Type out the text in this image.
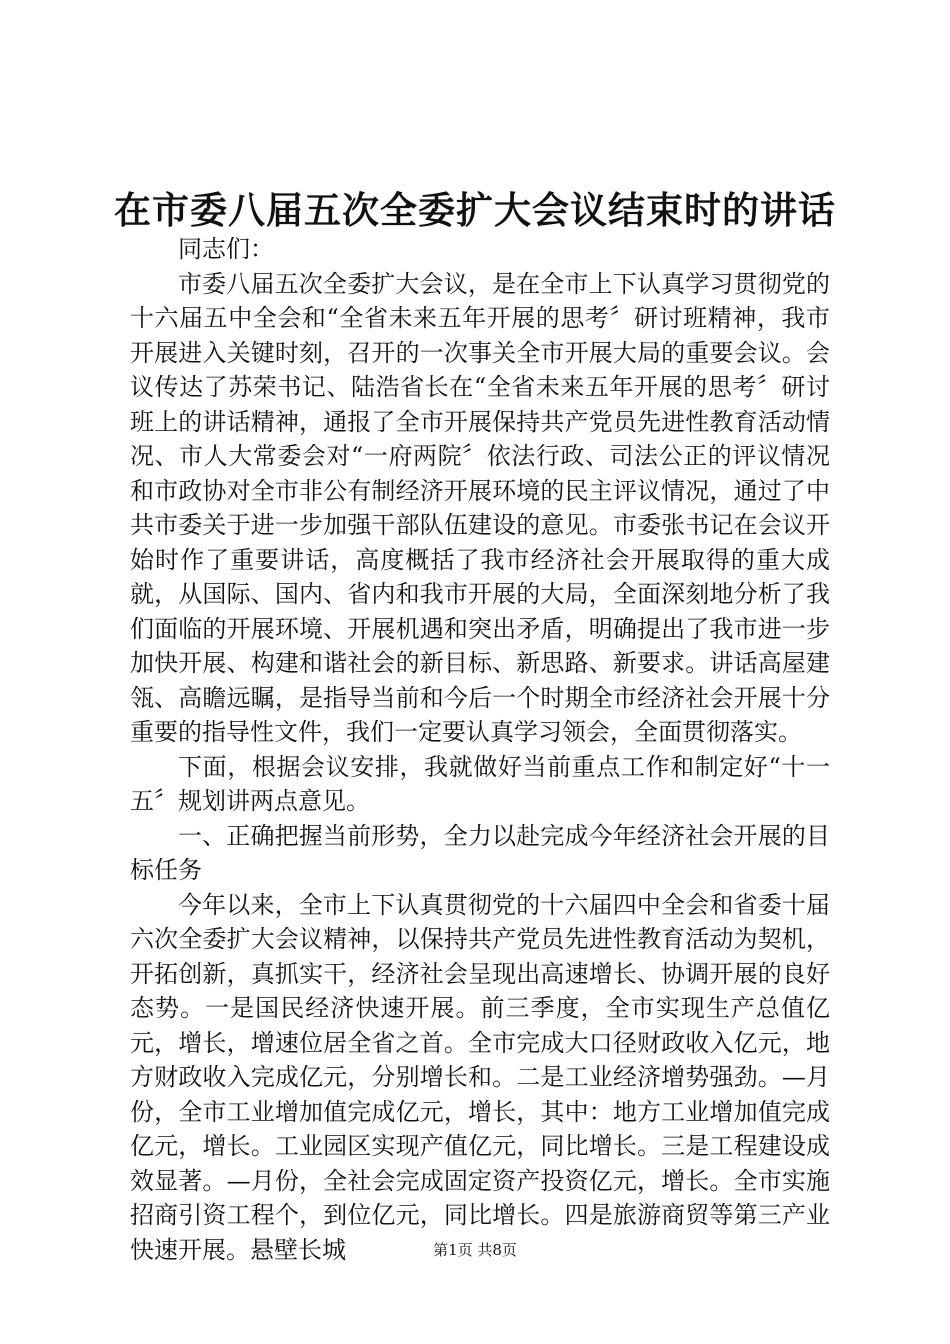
在市委八届五次全委扩大会议结束时的讲话

同志们：

市委八届五次全委扩大会议，是在全市上下认真学习贯彻党的十六届五中全会和“全省未来五年开展的思考〞研讨班精神，我市开展进入关键时刻，召开的一次事关全市开展大局的重要会议。会议传达了苏荣书记、陆浩省长在“全省未来五年开展的思考〞研讨班上的讲话精神，通报了全市开展保持共产党员先进性教育活动情况、市人大常委会对“一府两院〞依法行政、司法公正的评议情况和市政协对全市非公有制经济开展环境的民主评议情况，通过了中共市委关于进一步加强干部队伍建设的意见。市委张书记在会议开始时作了重要讲话，高度概括了我市经济社会开展取得的重大成就，从国际、国内、省内和我市开展的大局，全面深刻地分析了我们面临的开展环境、开展机遇和突出矛盾，明确提出了我市进一步加快开展、构建和谐社会的新目标、新思路、新要求。讲话高屋建瓴、高瞻远瞩，是指导当前和今后一个时期全市经济社会开展十分重要的指导性文件，我们一定要认真学习领会，全面贯彻落实。

下面，根据会议安排，我就做好当前重点工作和制定好“十一五〞规划讲两点意见。

一、正确把握当前形势，全力以赴完成今年经济社会开展的目标任务

今年以来，全市上下认真贯彻党的十六届四中全会和省委十届六次全委扩大会议精神，以保持共产党员先进性教育活动为契机，开拓创新，真抓实干，经济社会呈现出高速增长、协调开展的良好态势。一是国民经济快速开展。前三季度，全市实现生产总值亿元，增长，增速位居全省之首。全市完成大口径财政收入亿元，地方财政收入完成亿元，分别增长和。二是工业经济增势强劲。—月份，全市工业增加值完成亿元，增长，其中：地方工业增加值完成亿元，增长。工业园区实现产值亿元，同比增长。三是工程建设成效显著。—月份，全社会完成固定资产投资亿元，增长。全市实施招商引资工程个，到位亿元，同比增长。四是旅游商贸等第三产业快速开展。悬壁长城	第1页 共8页
